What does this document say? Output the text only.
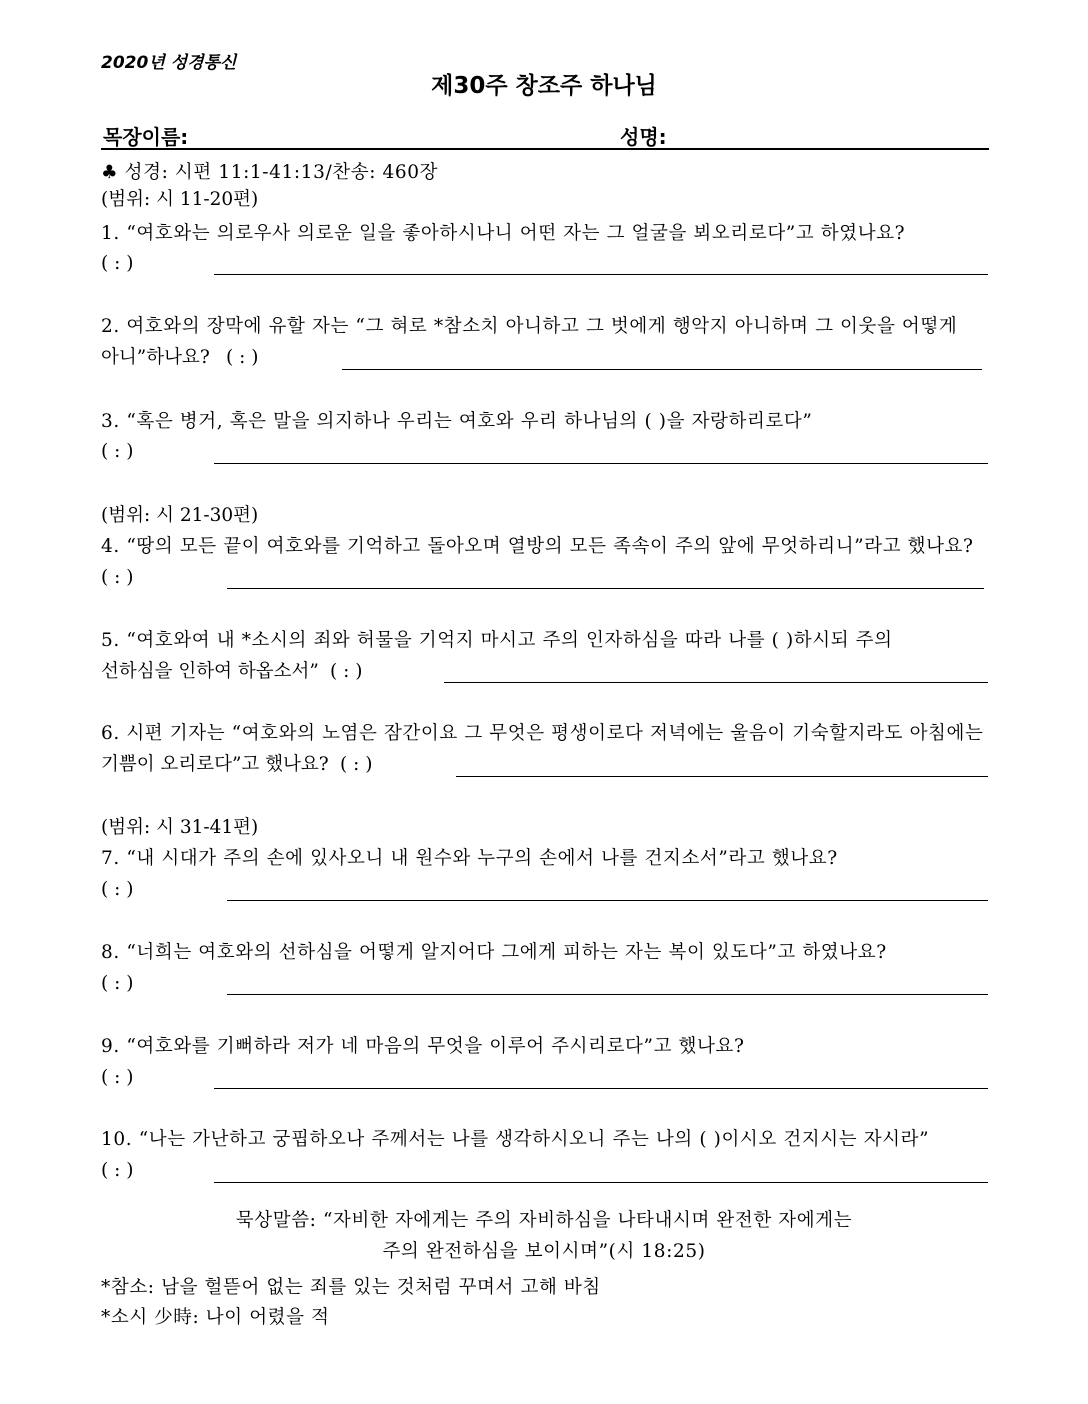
2020년 성경통신
제30주 창조주 하나님
목장이름:	성명:
♣ 성경: 시편 11:1-41:13/찬송: 460장
(범위: 시 11-20편)
1. “여호와는 의로우사 의로운 일을 좋아하시나니 어떤 자는 그 얼굴을 뵈오리로다”고 하였나요?
( : )
2. 여호와의 장막에 유할 자는 “그 혀로 *참소치 아니하고 그 벗에게 행악지 아니하며 그 이웃을 어떻게
아니”하나요? ( : )
3. “혹은 병거, 혹은 말을 의지하나 우리는 여호와 우리 하나님의 ( )을 자랑하리로다”
( : )
(범위: 시 21-30편)
4. “땅의 모든 끝이 여호와를 기억하고 돌아오며 열방의 모든 족속이 주의 앞에 무엇하리니”라고 했나요?
( : )
5. “여호와여 내 *소시의 죄와 허물을 기억지 마시고 주의 인자하심을 따라 나를 ( )하시되 주의
선하심을 인하여 하옵소서” ( : )
6. 시편 기자는 “여호와의 노염은 잠간이요 그 무엇은 평생이로다 저녁에는 울음이 기숙할지라도 아침에는
기쁨이 오리로다”고 했나요? ( : )
(범위: 시 31-41편)
7. “내 시대가 주의 손에 있사오니 내 원수와 누구의 손에서 나를 건지소서”라고 했나요?
( : )
8. “너희는 여호와의 선하심을 어떻게 알지어다 그에게 피하는 자는 복이 있도다”고 하였나요?
( : )
9. “여호와를 기뻐하라 저가 네 마음의 무엇을 이루어 주시리로다”고 했나요?
( : )
10. “나는 가난하고 궁핍하오나 주께서는 나를 생각하시오니 주는 나의 ( )이시오 건지시는 자시라”
( : )
묵상말씀: “자비한 자에게는 주의 자비하심을 나타내시며 완전한 자에게는
주의 완전하심을 보이시며”(시 18:25)
*참소: 남을 헐뜯어 없는 죄를 있는 것처럼 꾸며서 고해 바침
*소시 少時: 나이 어렸을 적
